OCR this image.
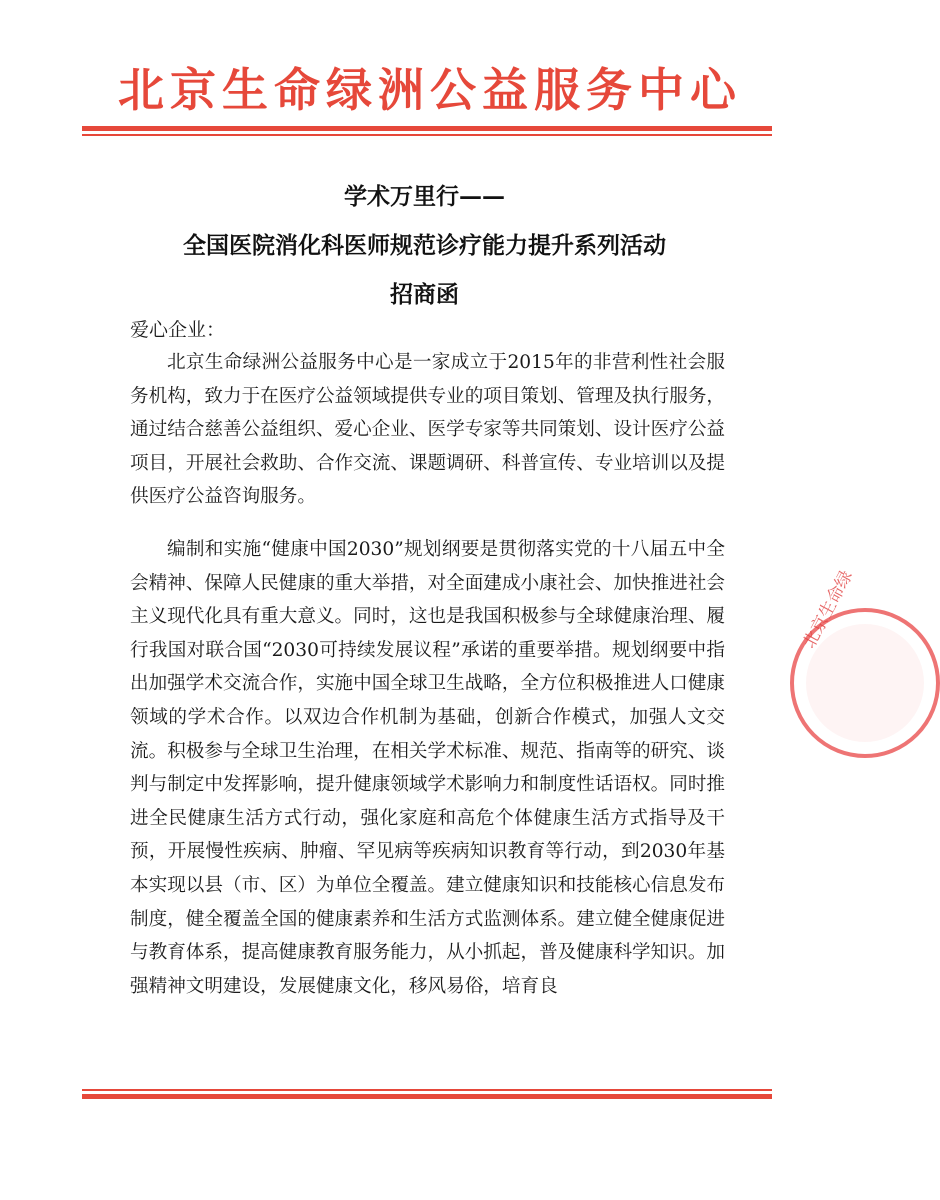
北京生命绿洲公益服务中心
学术万里行——
全国医院消化科医师规范诊疗能力提升系列活动
招商函
爱心企业：
北京生命绿洲公益服务中心是一家成立于2015年的非营利性社会服务机构，致力于在医疗公益领域提供专业的项目策划、管理及执行服务，通过结合慈善公益组织、爱心企业、医学专家等共同策划、设计医疗公益项目，开展社会救助、合作交流、课题调研、科普宣传、专业培训以及提供医疗公益咨询服务。
编制和实施“健康中国2030”规划纲要是贯彻落实党的十八届五中全会精神、保障人民健康的重大举措，对全面建成小康社会、加快推进社会主义现代化具有重大意义。同时，这也是我国积极参与全球健康治理、履行我国对联合国“2030可持续发展议程”承诺的重要举措。规划纲要中指出加强学术交流合作，实施中国全球卫生战略，全方位积极推进人口健康领域的学术合作。以双边合作机制为基础，创新合作模式，加强人文交流。积极参与全球卫生治理，在相关学术标准、规范、指南等的研究、谈判与制定中发挥影响，提升健康领域学术影响力和制度性话语权。同时推进全民健康生活方式行动，强化家庭和高危个体健康生活方式指导及干预，开展慢性疾病、肿瘤、罕见病等疾病知识教育等行动，到2030年基本实现以县（市、区）为单位全覆盖。建立健康知识和技能核心信息发布制度，健全覆盖全国的健康素养和生活方式监测体系。建立健全健康促进与教育体系，提高健康教育服务能力，从小抓起，普及健康科学知识。加强精神文明建设，发展健康文化，移风易俗，培育良
北京生命绿
